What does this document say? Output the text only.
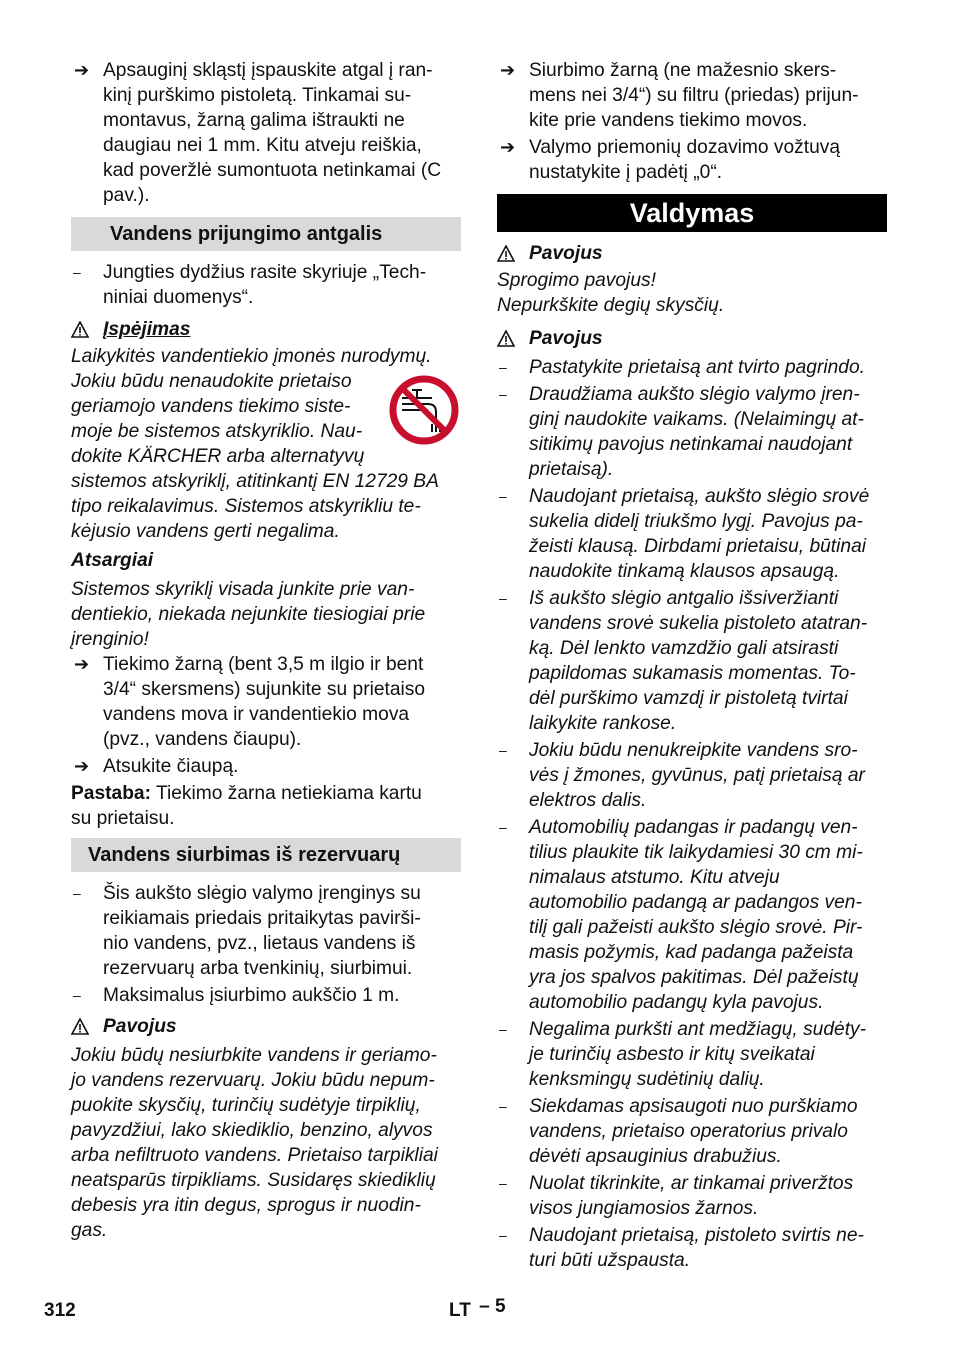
➔ Apsauginį skląstį įspauskite atgal į ran-
kinį purškimo pistoletą. Tinkamai su-
montavus, žarną galima ištraukti ne
daugiau nei 1 mm. Kitu atveju reiškia,
kad poveržlė sumontuota netinkamai (C
pav.).
Vandens prijungimo antgalis
– Jungties dydžius rasite skyriuje „Tech-
niniai duomenys“.
Įspėjimas
Laikykitės vandentiekio įmonės nurodymų.
Jokiu būdu nenaudokite prietaiso
geriamojo vandens tiekimo siste-
moje be sistemos atskyriklio. Nau-
dokite KÄRCHER arba alternatyvų
sistemos atskyriklį, atitinkantį EN 12729 BA
tipo reikalavimus. Sistemos atskyrikliu te-
kėjusio vandens gerti negalima.
Atsargiai
Sistemos skyriklį visada junkite prie van-
dentiekio, niekada nejunkite tiesiogiai prie
įrenginio!
➔ Tiekimo žarną (bent 3,5 m ilgio ir bent
3/4“ skersmens) sujunkite su prietaiso
vandens mova ir vandentiekio mova
(pvz., vandens čiaupu).
➔ Atsukite čiaupą.
Pastaba: Tiekimo žarna netiekiama kartu
su prietaisu.
Vandens siurbimas iš rezervuarų
– Šis aukšto slėgio valymo įrenginys su
reikiamais priedais pritaikytas pavirši-
nio vandens, pvz., lietaus vandens iš
rezervuarų arba tvenkinių, siurbimui.
– Maksimalus įsiurbimo aukščio 1 m.
Pavojus
Jokiu būdų nesiurbkite vandens ir geriamo-
jo vandens rezervuarų. Jokiu būdu nepum-
puokite skysčių, turinčių sudėtyje tirpiklių,
pavyzdžiui, lako skiediklio, benzino, alyvos
arba nefiltruoto vandens. Prietaiso tarpikliai
neatsparūs tirpikliams. Susidaręs skiediklių
debesis yra itin degus, sprogus ir nuodin-
gas.
➔ Siurbimo žarną (ne mažesnio skers-
mens nei 3/4“) su filtru (priedas) prijun-
kite prie vandens tiekimo movos.
➔ Valymo priemonių dozavimo vožtuvą
nustatykite į padėtį „0“.
Valdymas
Pavojus
Sprogimo pavojus!
Nepurkškite degių skysčių.
Pavojus
– Pastatykite prietaisą ant tvirto pagrindo.
– Draudžiama aukšto slėgio valymo įren-
ginį naudokite vaikams. (Nelaimingų at-
sitikimų pavojus netinkamai naudojant
prietaisą).
– Naudojant prietaisą, aukšto slėgio srovė
sukelia didelį triukšmo lygį. Pavojus pa-
žeisti klausą. Dirbdami prietaisu, būtinai
naudokite tinkamą klausos apsaugą.
– Iš aukšto slėgio antgalio išsiveržianti
vandens srovė sukelia pistoleto atatran-
ką. Dėl lenkto vamzdžio gali atsirasti
papildomas sukamasis momentas. To-
dėl purškimo vamzdį ir pistoletą tvirtai
laikykite rankose.
– Jokiu būdu nenukreipkite vandens sro-
vės į žmones, gyvūnus, patį prietaisą ar
elektros dalis.
– Automobilių padangas ir padangų ven-
tilius plaukite tik laikydamiesi 30 cm mi-
nimalaus atstumo. Kitu atveju
automobilio padangą ar padangos ven-
tilį gali pažeisti aukšto slėgio srovė. Pir-
masis požymis, kad padanga pažeista
yra jos spalvos pakitimas. Dėl pažeistų
automobilio padangų kyla pavojus.
– Negalima purkšti ant medžiagų, sudėty-
je turinčių asbesto ir kitų sveikatai
kenksmingų sudėtinių dalių.
– Siekdamas apsisaugoti nuo purškiamo
vandens, prietaiso operatorius privalo
dėvėti apsauginius drabužius.
– Nuolat tikrinkite, ar tinkamai priveržtos
visos jungiamosios žarnos.
– Naudojant prietaisą, pistoleto svirtis ne-
turi būti užspausta.
312	LT – 5
